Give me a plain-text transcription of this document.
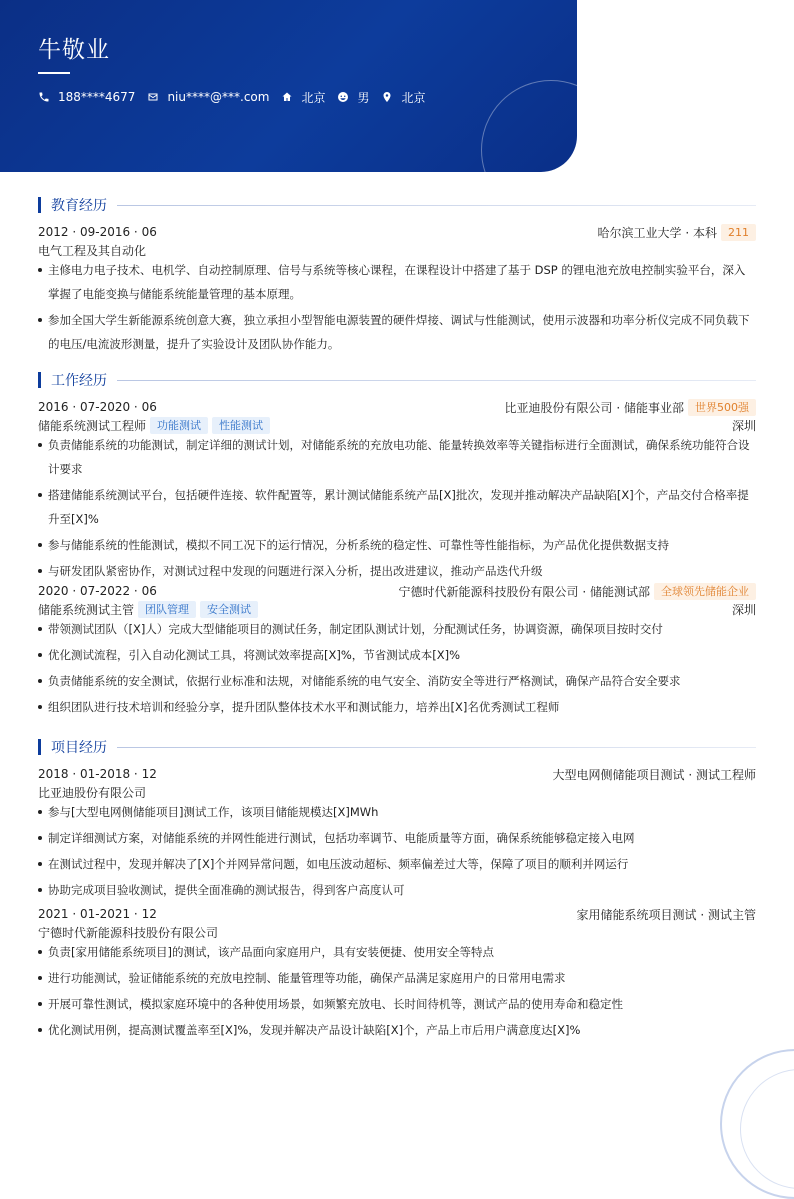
牛敬业
188****4677	niu****@***.com	北京	男	北京
教育经历
2012 · 09-2016 · 06	哈尔滨工业大学 · 本科	211
电气工程及其自动化
主修电力电子技术、电机学、自动控制原理、信号与系统等核心课程，在课程设计中搭建了基于 DSP 的锂电池充放电控制实验平台，深入掌握了电能变换与储能系统能量管理的基本原理。
参加全国大学生新能源系统创意大赛，独立承担小型智能电源装置的硬件焊接、调试与性能测试，使用示波器和功率分析仪完成不同负载下的电压/电流波形测量，提升了实验设计及团队协作能力。
工作经历
2016 · 07-2020 · 06	比亚迪股份有限公司 · 储能事业部	世界500强
储能系统测试工程师	功能测试	性能测试	深圳
负责储能系统的功能测试，制定详细的测试计划，对储能系统的充放电功能、能量转换效率等关键指标进行全面测试，确保系统功能符合设计要求
搭建储能系统测试平台，包括硬件连接、软件配置等，累计测试储能系统产品[X]批次，发现并推动解决产品缺陷[X]个，产品交付合格率提升至[X]%
参与储能系统的性能测试，模拟不同工况下的运行情况，分析系统的稳定性、可靠性等性能指标，为产品优化提供数据支持
与研发团队紧密协作，对测试过程中发现的问题进行深入分析，提出改进建议，推动产品迭代升级
2020 · 07-2022 · 06	宁德时代新能源科技股份有限公司 · 储能测试部	全球领先储能企业
储能系统测试主管	团队管理	安全测试	深圳
带领测试团队（[X]人）完成大型储能项目的测试任务，制定团队测试计划，分配测试任务，协调资源，确保项目按时交付
优化测试流程，引入自动化测试工具，将测试效率提高[X]%，节省测试成本[X]%
负责储能系统的安全测试，依据行业标准和法规，对储能系统的电气安全、消防安全等进行严格测试，确保产品符合安全要求
组织团队进行技术培训和经验分享，提升团队整体技术水平和测试能力，培养出[X]名优秀测试工程师
项目经历
2018 · 01-2018 · 12	大型电网侧储能项目测试 · 测试工程师
比亚迪股份有限公司
参与[大型电网侧储能项目]测试工作，该项目储能规模达[X]MWh
制定详细测试方案，对储能系统的并网性能进行测试，包括功率调节、电能质量等方面，确保系统能够稳定接入电网
在测试过程中，发现并解决了[X]个并网异常问题，如电压波动超标、频率偏差过大等，保障了项目的顺利并网运行
协助完成项目验收测试，提供全面准确的测试报告，得到客户高度认可
2021 · 01-2021 · 12	家用储能系统项目测试 · 测试主管
宁德时代新能源科技股份有限公司
负责[家用储能系统项目]的测试，该产品面向家庭用户，具有安装便捷、使用安全等特点
进行功能测试，验证储能系统的充放电控制、能量管理等功能，确保产品满足家庭用户的日常用电需求
开展可靠性测试，模拟家庭环境中的各种使用场景，如频繁充放电、长时间待机等，测试产品的使用寿命和稳定性
优化测试用例，提高测试覆盖率至[X]%，发现并解决产品设计缺陷[X]个，产品上市后用户满意度达[X]%
